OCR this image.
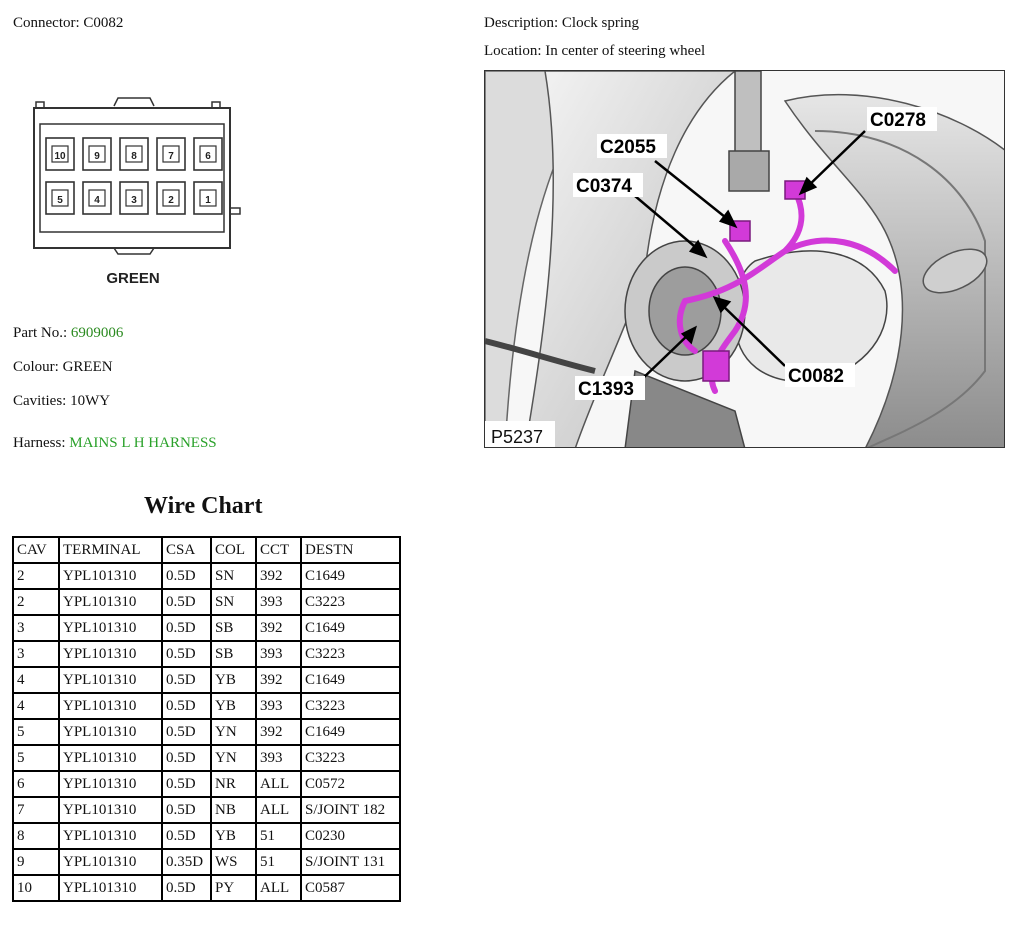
Connector: C0082	Description: Clock spring
Location: In center of steering wheel
10	9	8	7	6
5	4	3	2	1
GREEN
Part No.: 6909006
Colour: GREEN
Cavities: 10WY
Harness: MAINS L H HARNESS
C0278
C2055
C0374
C0082
C1393
P5237
Wire Chart
CAV	TERMINAL	CSA	COL	CCT	DESTN
2	YPL101310	0.5D	SN	392	C1649
2	YPL101310	0.5D	SN	393	C3223
3	YPL101310	0.5D	SB	392	C1649
3	YPL101310	0.5D	SB	393	C3223
4	YPL101310	0.5D	YB	392	C1649
4	YPL101310	0.5D	YB	393	C3223
5	YPL101310	0.5D	YN	392	C1649
5	YPL101310	0.5D	YN	393	C3223
6	YPL101310	0.5D	NR	ALL	C0572
7	YPL101310	0.5D	NB	ALL	S/JOINT 182
8	YPL101310	0.5D	YB	51	C0230
9	YPL101310	0.35D	WS	51	S/JOINT 131
10	YPL101310	0.5D	PY	ALL	C0587
